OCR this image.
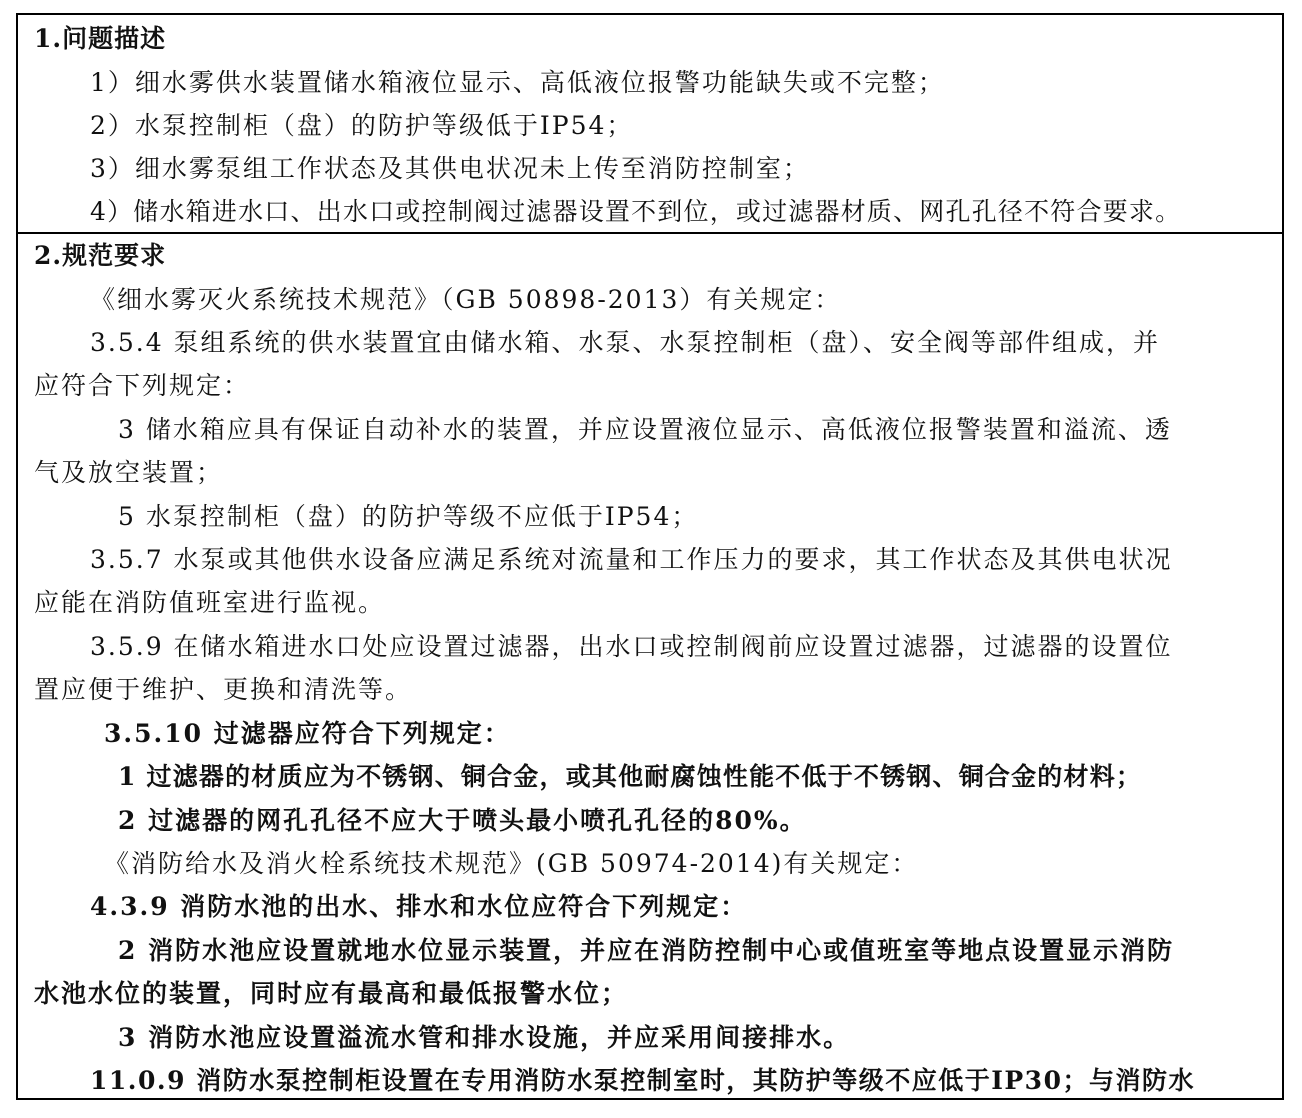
1.问题描述
1）细水雾供水装置储水箱液位显示、高低液位报警功能缺失或不完整；
2）水泵控制柜（盘）的防护等级低于IP54；
3）细水雾泵组工作状态及其供电状况未上传至消防控制室；
4）储水箱进水口、出水口或控制阀过滤器设置不到位，或过滤器材质、网孔孔径不符合要求。
2.规范要求
《细水雾灭火系统技术规范》（GB 50898-2013）有关规定：
3.5.4 泵组系统的供水装置宜由储水箱、水泵、水泵控制柜（盘）、安全阀等部件组成，并
应符合下列规定：
3 储水箱应具有保证自动补水的装置，并应设置液位显示、高低液位报警装置和溢流、透
气及放空装置；
5 水泵控制柜（盘）的防护等级不应低于IP54；
3.5.7 水泵或其他供水设备应满足系统对流量和工作压力的要求，其工作状态及其供电状况
应能在消防值班室进行监视。
3.5.9 在储水箱进水口处应设置过滤器，出水口或控制阀前应设置过滤器，过滤器的设置位
置应便于维护、更换和清洗等。
3.5.10 过滤器应符合下列规定：
1 过滤器的材质应为不锈钢、铜合金，或其他耐腐蚀性能不低于不锈钢、铜合金的材料；
2 过滤器的网孔孔径不应大于喷头最小喷孔孔径的80%。
《消防给水及消火栓系统技术规范》(GB 50974-2014)有关规定：
4.3.9 消防水池的出水、排水和水位应符合下列规定：
2 消防水池应设置就地水位显示装置，并应在消防控制中心或值班室等地点设置显示消防
水池水位的装置，同时应有最高和最低报警水位；
3 消防水池应设置溢流水管和排水设施，并应采用间接排水。
11.0.9 消防水泵控制柜设置在专用消防水泵控制室时，其防护等级不应低于IP30；与消防水
